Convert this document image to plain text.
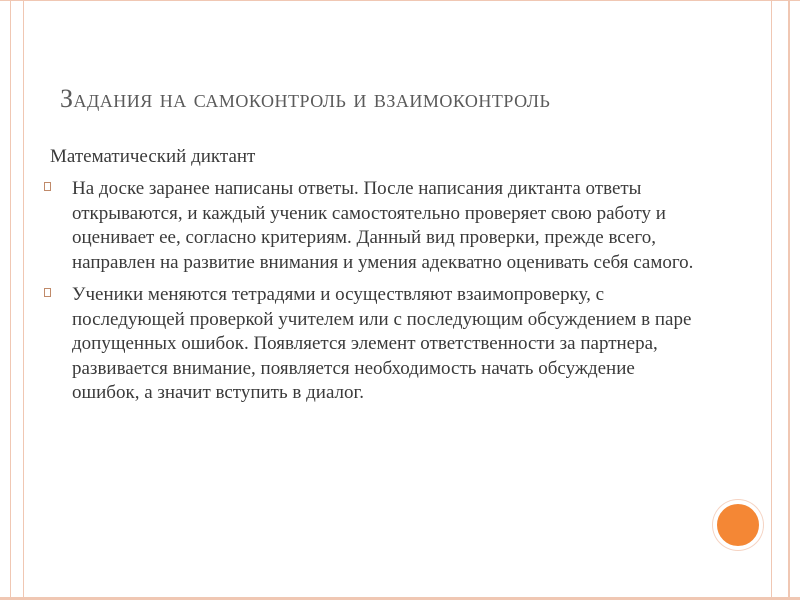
Задания на самоконтроль и взаимоконтроль
Математический диктант
На доске заранее написаны ответы. После написания диктанта ответы открываются, и каждый ученик самостоятельно проверяет свою работу и оценивает ее, согласно критериям. Данный вид проверки, прежде всего, направлен на развитие внимания и умения адекватно оценивать себя самого.
Ученики меняются тетрадями и осуществляют взаимопроверку, с последующей проверкой учителем или с последующим обсуждением в паре допущенных ошибок. Появляется элемент ответственности за партнера, развивается внимание, появляется необходимость начать обсуждение ошибок, а значит вступить в диалог.
